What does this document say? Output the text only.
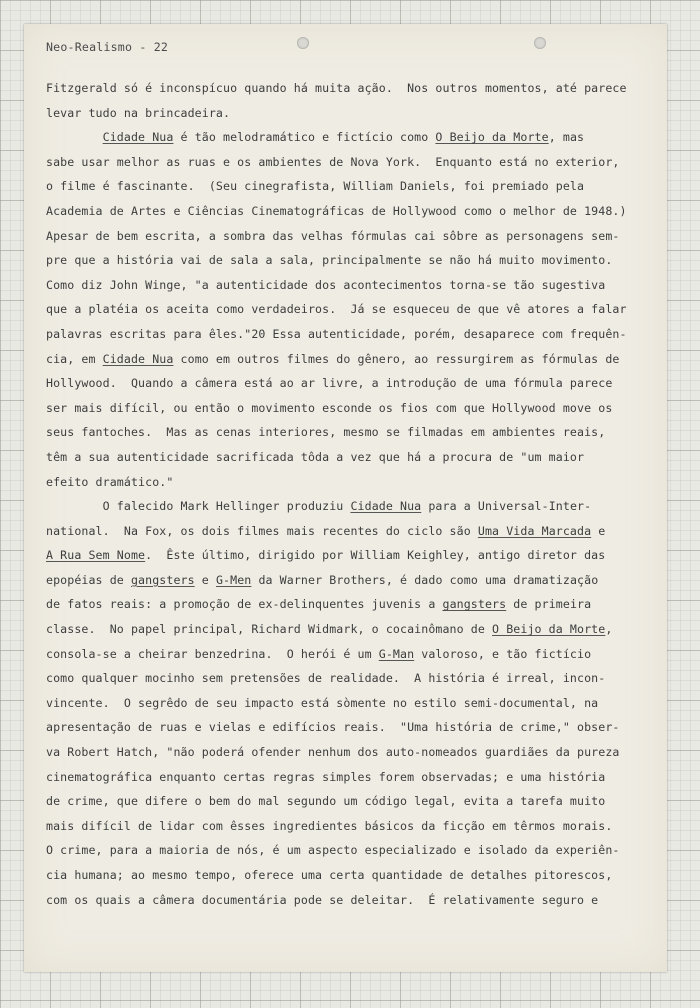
Neo-Realismo - 22
Fitzgerald só é inconspícuo quando há muita ação.  Nos outros momentos, até parece
levar tudo na brincadeira.
Cidade Nua é tão melodramático e fictício como O Beijo da Morte, mas
sabe usar melhor as ruas e os ambientes de Nova York.  Enquanto está no exterior,
o filme é fascinante.  (Seu cinegrafista, William Daniels, foi premiado pela
Academia de Artes e Ciências Cinematográficas de Hollywood como o melhor de 1948.)
Apesar de bem escrita, a sombra das velhas fórmulas cai sôbre as personagens sem-
pre que a história vai de sala a sala, principalmente se não há muito movimento.
Como diz John Winge, "a autenticidade dos acontecimentos torna-se tão sugestiva
que a platéia os aceita como verdadeiros.  Já se esqueceu de que vê atores a falar
palavras escritas para êles."20 Essa autenticidade, porém, desaparece com frequên-
cia, em Cidade Nua como em outros filmes do gênero, ao ressurgirem as fórmulas de
Hollywood.  Quando a câmera está ao ar livre, a introdução de uma fórmula parece
ser mais difícil, ou então o movimento esconde os fios com que Hollywood move os
seus fantoches.  Mas as cenas interiores, mesmo se filmadas em ambientes reais,
têm a sua autenticidade sacrificada tôda a vez que há a procura de "um maior
efeito dramático."
O falecido Mark Hellinger produziu Cidade Nua para a Universal-Inter-
national.  Na Fox, os dois filmes mais recentes do ciclo são Uma Vida Marcada e
A Rua Sem Nome.  Êste último, dirigido por William Keighley, antigo diretor das
epopéias de gangsters e G-Men da Warner Brothers, é dado como uma dramatização
de fatos reais: a promoção de ex-delinquentes juvenis a gangsters de primeira
classe.  No papel principal, Richard Widmark, o cocainômano de O Beijo da Morte,
consola-se a cheirar benzedrina.  O herói é um G-Man valoroso, e tão fictício
como qualquer mocinho sem pretensões de realidade.  A história é irreal, incon-
vincente.  O segrêdo de seu impacto está sòmente no estilo semi-documental, na
apresentação de ruas e vielas e edifícios reais.  "Uma história de crime," obser-
va Robert Hatch, "não poderá ofender nenhum dos auto-nomeados guardiães da pureza
cinematográfica enquanto certas regras simples forem observadas; e uma história
de crime, que difere o bem do mal segundo um código legal, evita a tarefa muito
mais difícil de lidar com êsses ingredientes básicos da ficção em têrmos morais.
O crime, para a maioria de nós, é um aspecto especializado e isolado da experiên-
cia humana; ao mesmo tempo, oferece uma certa quantidade de detalhes pitorescos,
com os quais a câmera documentária pode se deleitar.  É relativamente seguro e
